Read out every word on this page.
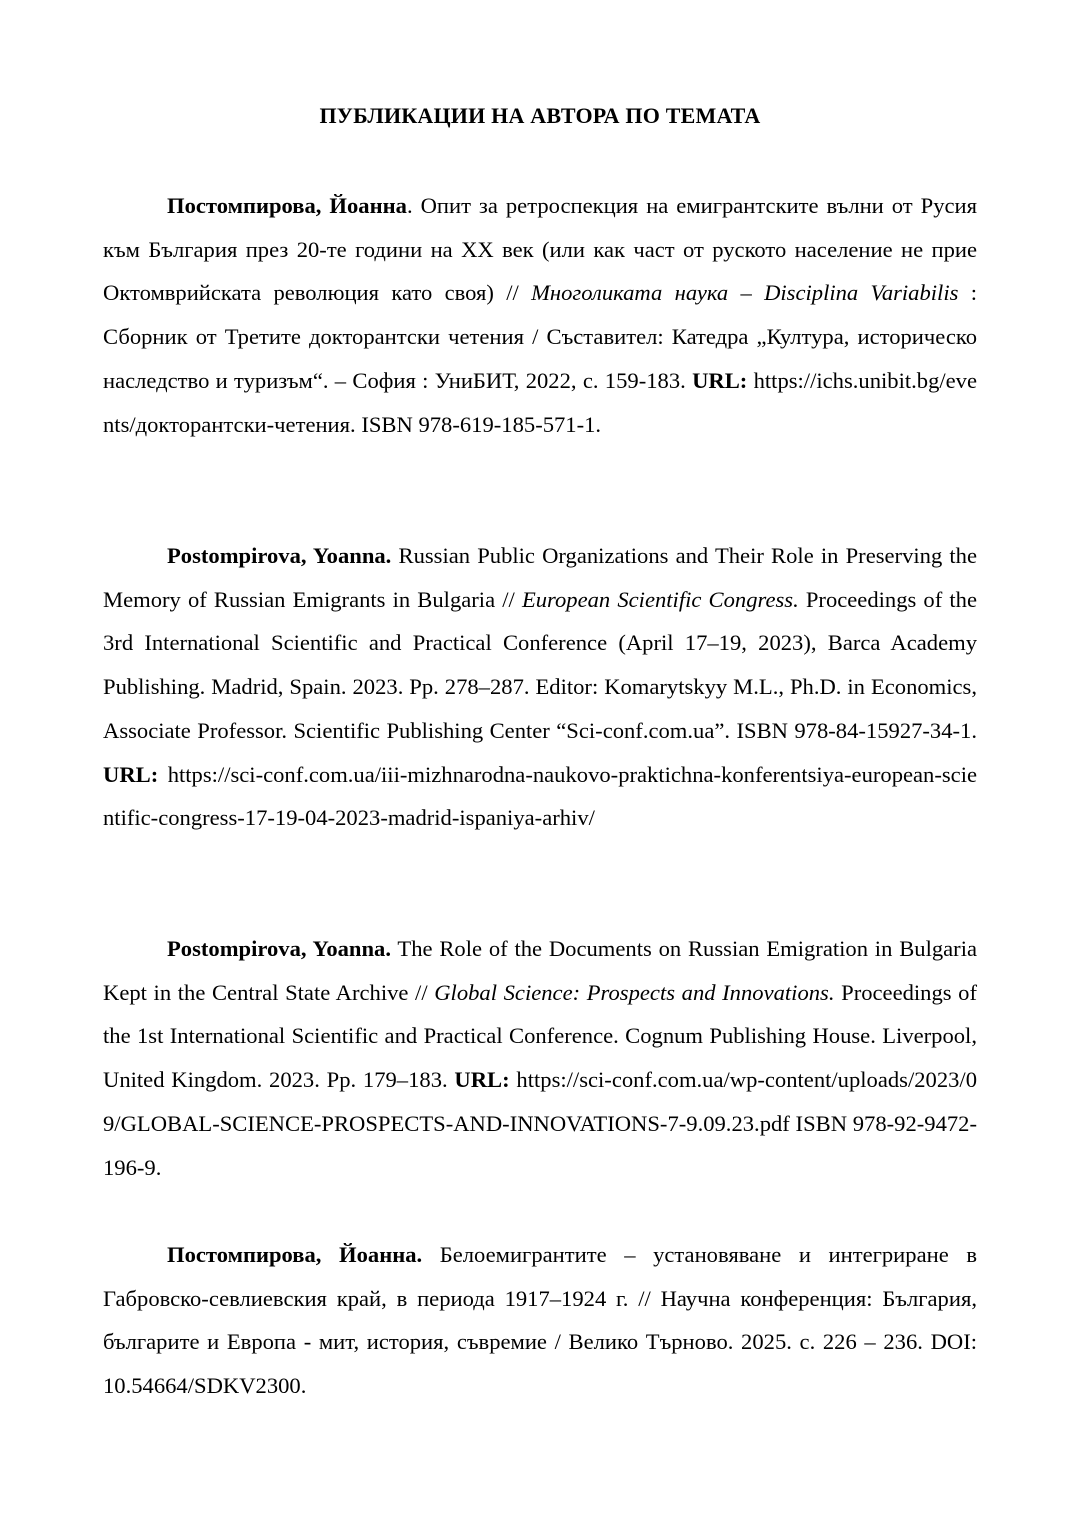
ПУБЛИКАЦИИ НА АВТОРА ПО ТЕМАТА

Постомпирова, Йоанна. Опит за ретроспекция на емигрантските вълни от Русия към България през 20-те години на XX век (или как част от руското население не прие Октомврийската революция като своя) // Многоликата наука – Disciplina Variabilis : Сборник от Третите докторантски четения / Съставител: Катедра „Култура, историческо наследство и туризъм“. – София : УниБИТ, 2022, с. 159-183. URL: https://ichs.unibit.bg/events/докторантски-четения. ISBN 978-619-185-571-1.

Postompirova, Yoanna. Russian Public Organizations and Their Role in Preserving the Memory of Russian Emigrants in Bulgaria // European Scientific Congress. Proceedings of the 3rd International Scientific and Practical Conference (April 17–19, 2023), Barca Academy Publishing. Madrid, Spain. 2023. Pp. 278–287. Editor: Komarytskyy M.L., Ph.D. in Economics, Associate Professor. Scientific Publishing Center “Sci-conf.com.ua”. ISBN 978-84-15927-34-1. URL: https://sci-conf.com.ua/iii-mizhnarodna-naukovo-praktichna-konferentsiya-european-scientific-congress-17-19-04-2023-madrid-ispaniya-arhiv/

Postompirova, Yoanna. The Role of the Documents on Russian Emigration in Bulgaria Kept in the Central State Archive // Global Science: Prospects and Innovations. Proceedings of the 1st International Scientific and Practical Conference. Cognum Publishing House. Liverpool, United Kingdom. 2023. Pp. 179–183. URL: https://sci-conf.com.ua/wp-content/uploads/2023/09/GLOBAL-SCIENCE-PROSPECTS-AND-INNOVATIONS-7-9.09.23.pdf ISBN 978-92-9472-196-9.

Постомпирова, Йоанна. Белоемигрантите – установяване и интегриране в Габровско-севлиевския край, в периода 1917–1924 г. // Научна конференция: България, българите и Европа - мит, история, съвремие / Велико Търново. 2025. с. 226 – 236. DOI: 10.54664/SDKV2300.
